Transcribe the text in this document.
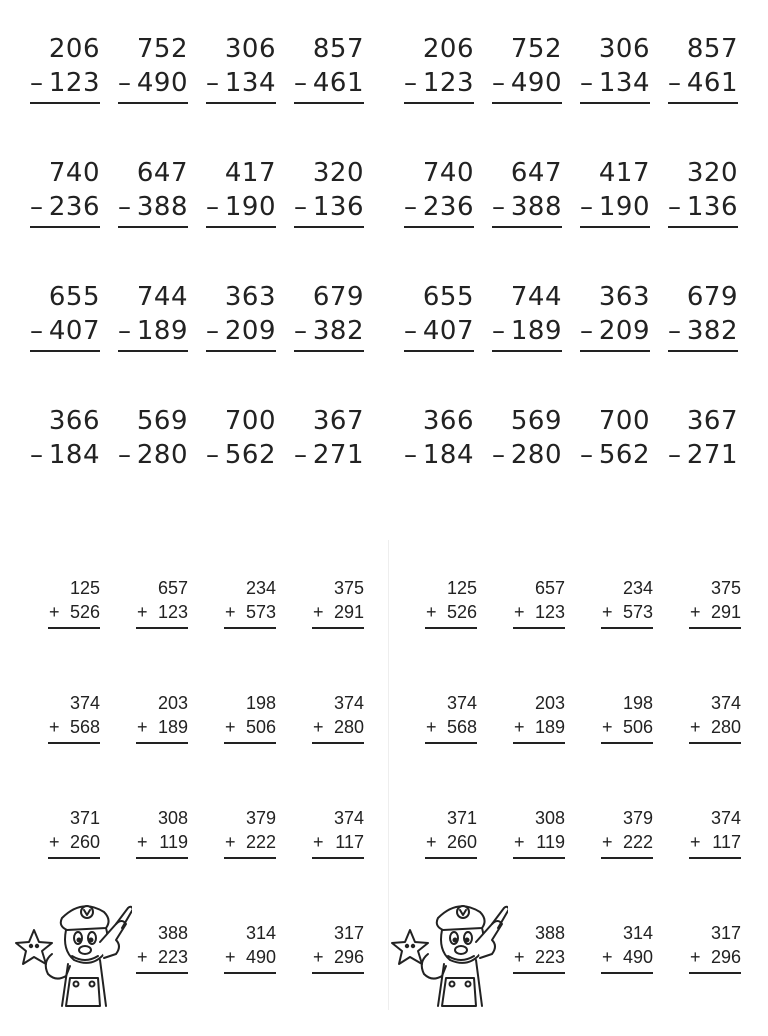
206
– 123
752
– 490
306
– 134
857
– 461
740
– 236
647
– 388
417
– 190
320
– 136
655
– 407
744
– 189
363
– 209
679
– 382
366
– 184
569
– 280
700
– 562
367
– 271
206
– 123
752
– 490
306
– 134
857
– 461
740
– 236
647
– 388
417
– 190
320
– 136
655
– 407
744
– 189
363
– 209
679
– 382
366
– 184
569
– 280
700
– 562
367
– 271
125
+ 526
657
+ 123
234
+ 573
375
+ 291
374
+ 568
203
+ 189
198
+ 506
374
+ 280
371
+ 260
308
+ 119
379
+ 222
374
+ 117
388
+ 223
314
+ 490
317
+ 296
125
+ 526
657
+ 123
234
+ 573
375
+ 291
374
+ 568
203
+ 189
198
+ 506
374
+ 280
371
+ 260
308
+ 119
379
+ 222
374
+ 117
388
+ 223
314
+ 490
317
+ 296
